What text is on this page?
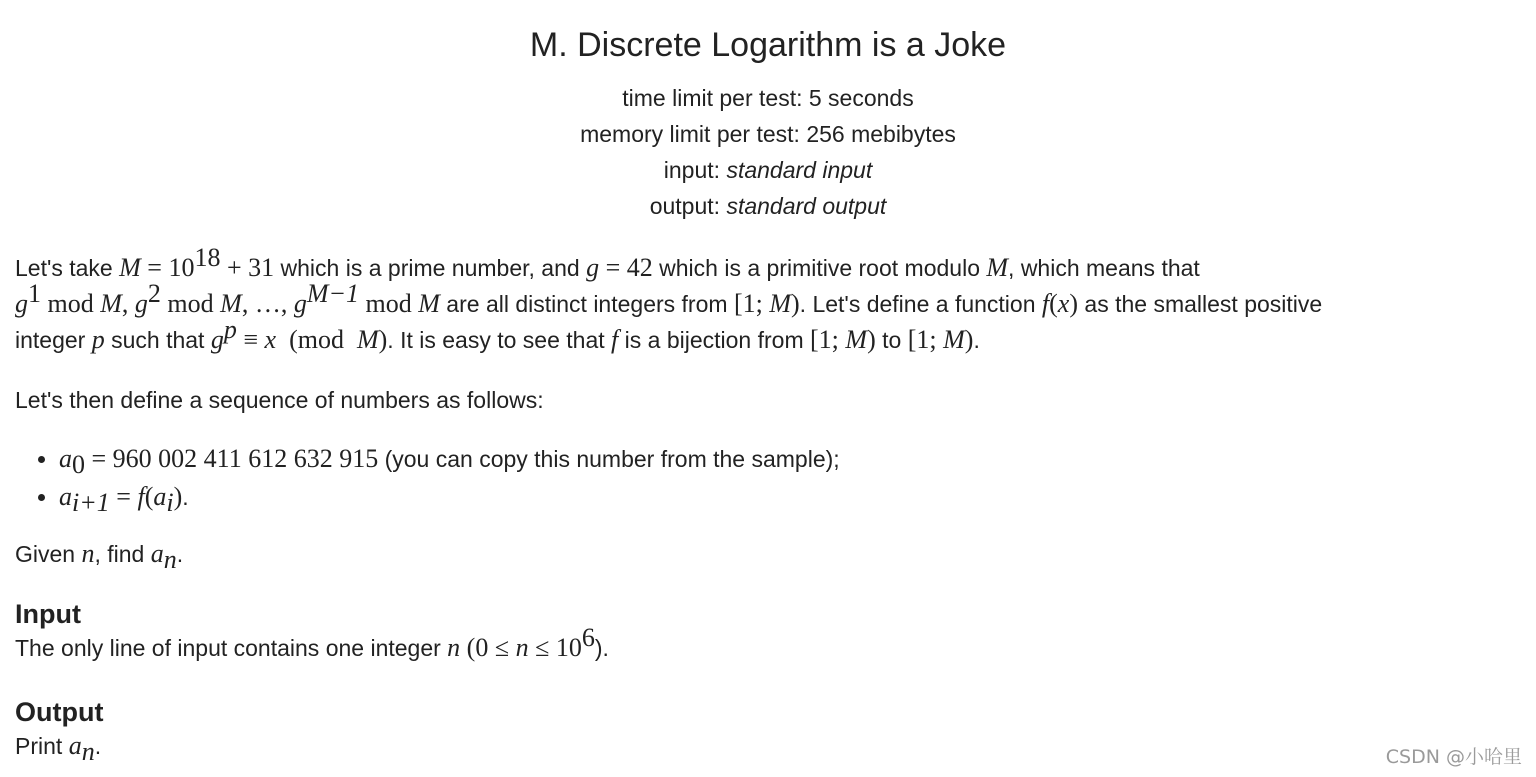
M. Discrete Logarithm is a Joke
time limit per test: 5 seconds
memory limit per test: 256 mebibytes
input: standard input
output: standard output

Let's take $M = 10^{18} + 31$ which is a prime number, and g = 42 which is a primitive root modulo M, which means that
$g^1$ mod M, $g^2$ mod M, …, $g^{M-1}$ mod M are all distinct integers from [1; M). Let's define a function f(x) as the smallest positive
integer p such that $g^p \equiv x$  (mod  M). It is easy to see that f is a bijection from [1; M) to [1; M).

Let's then define a sequence of numbers as follows:

• $a_0 = 960$ 002 411 612 632 915 (you can copy this number from the sample);
• $a_{i+1} = f(a_i)$.

Given n, find $a_n$.

Input

The only line of input contains one integer n $(0 \le n \le 10^6)$.

Output

Print $a_n$.	CSDN @小哈里
